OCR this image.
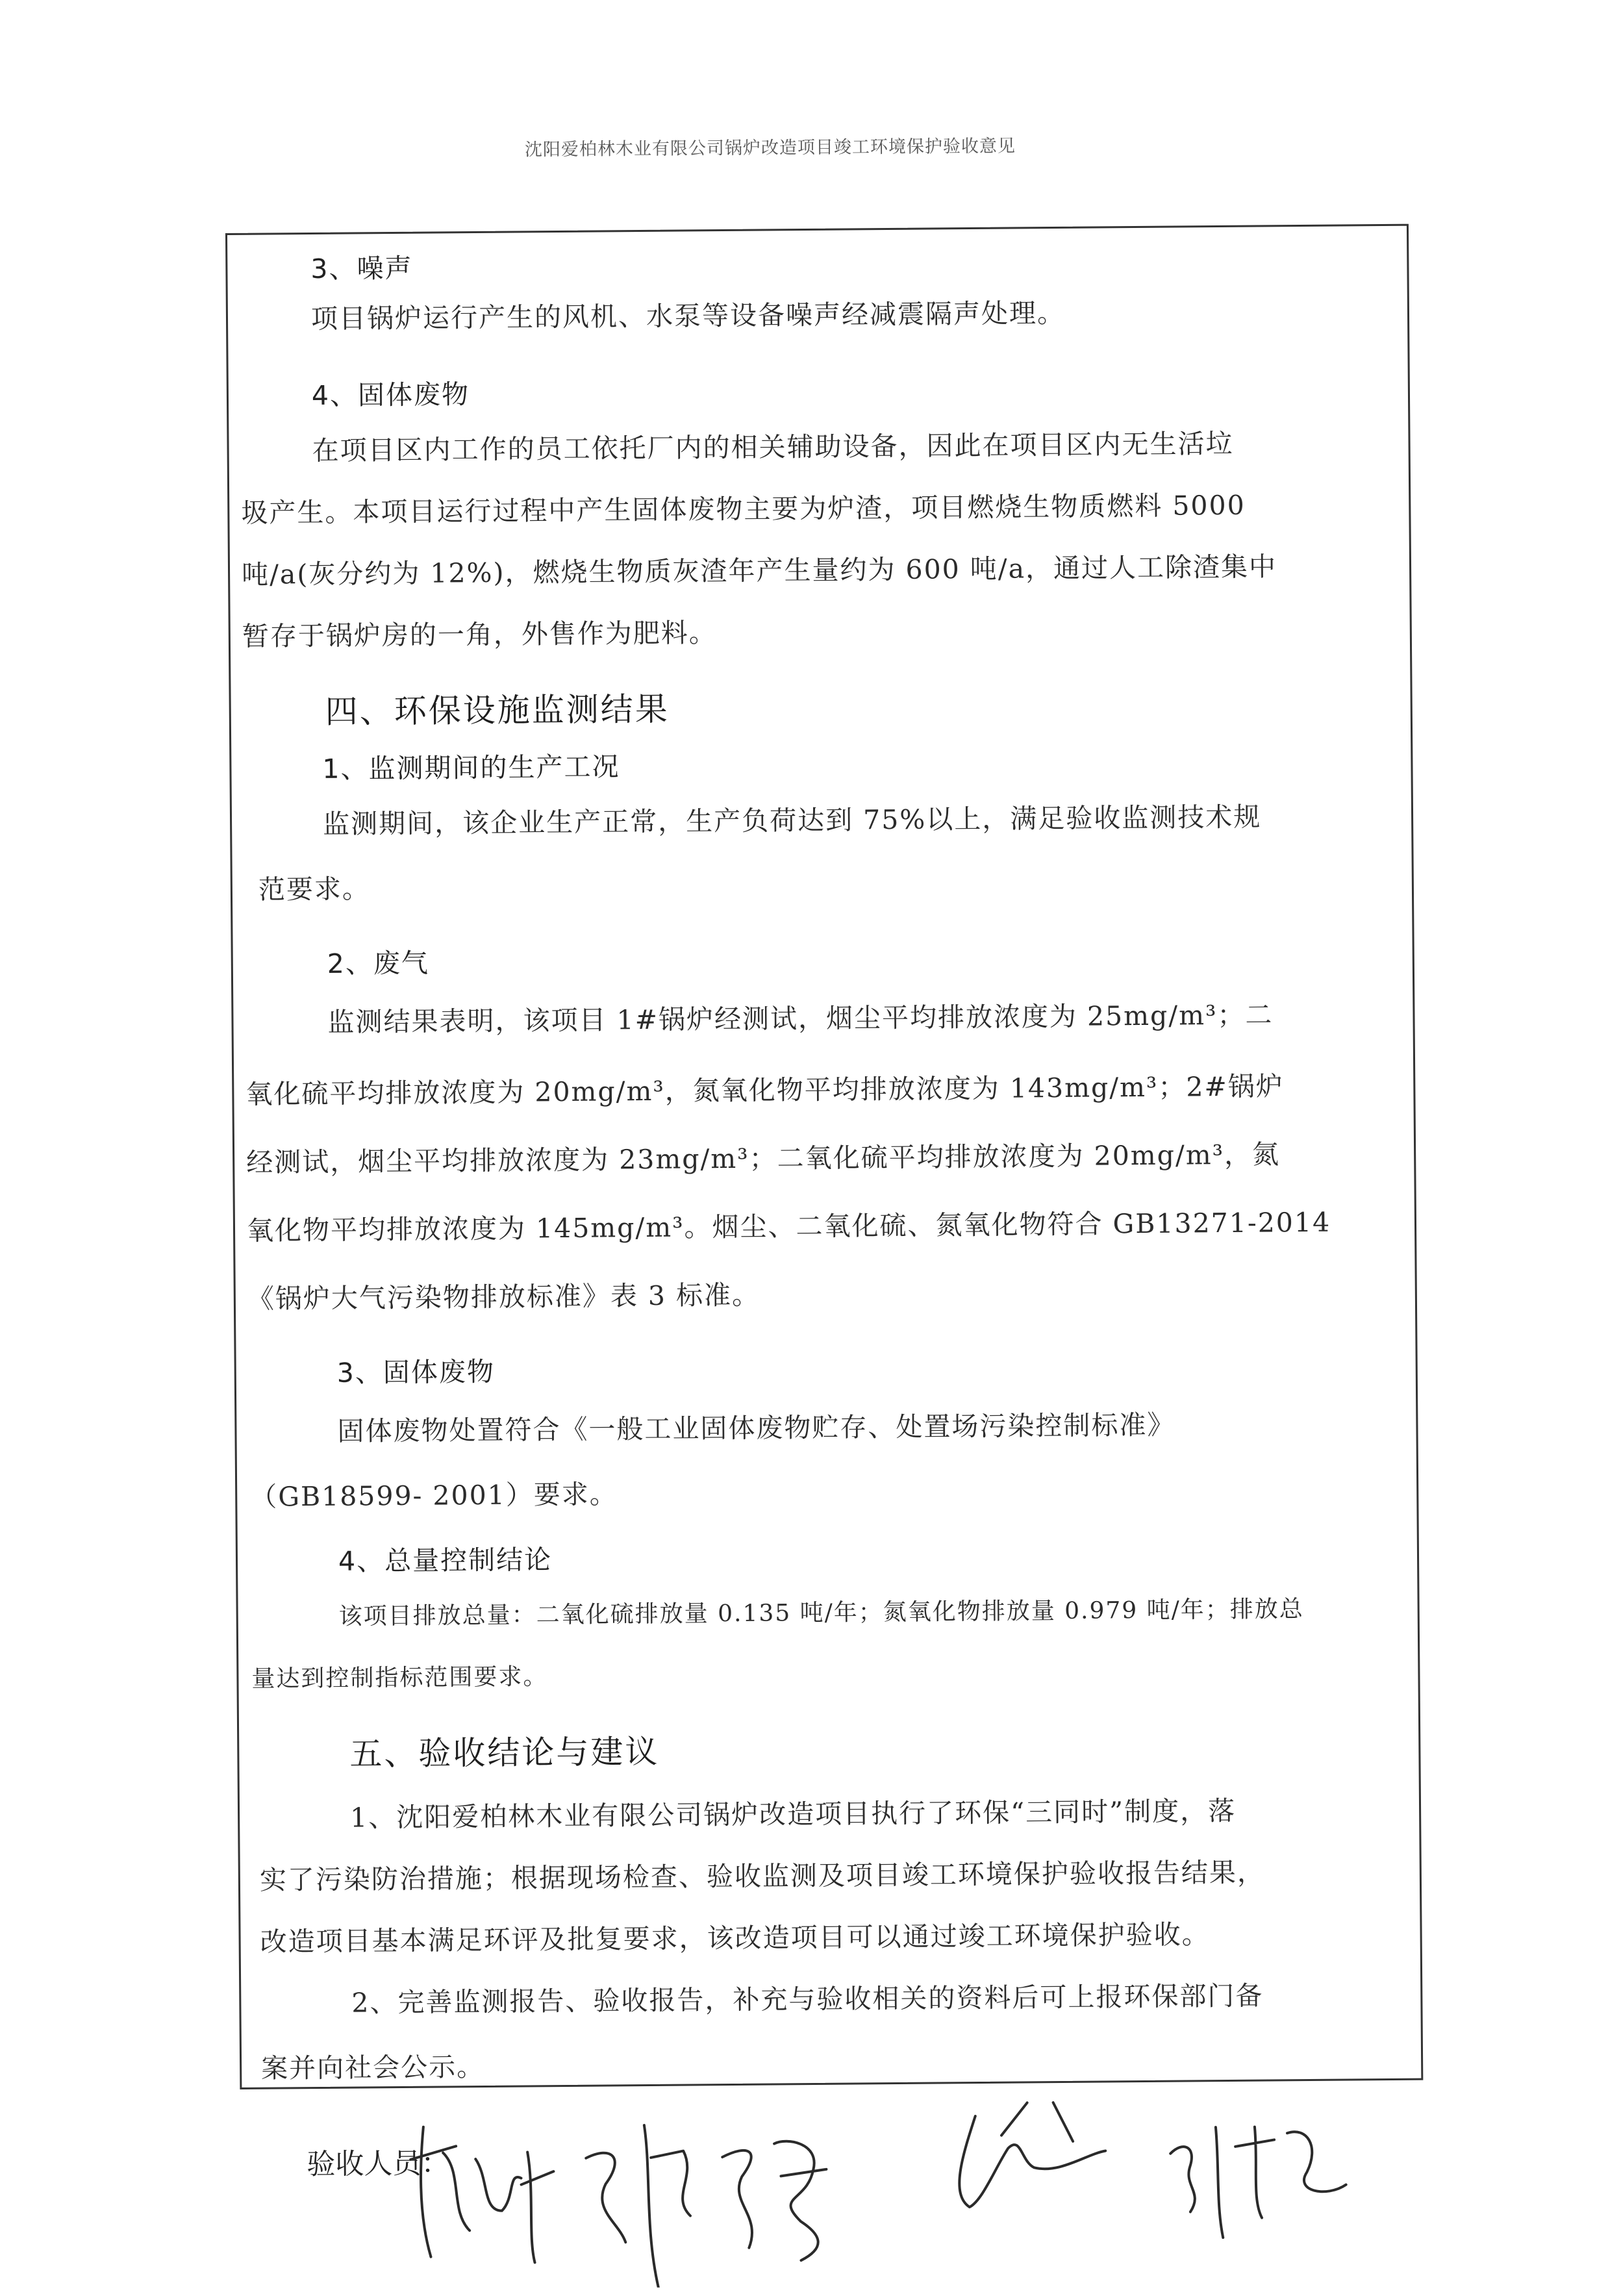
沈阳爱柏林木业有限公司锅炉改造项目竣工环境保护验收意见
3、噪声
项目锅炉运行产生的风机、水泵等设备噪声经减震隔声处理。
4、固体废物
在项目区内工作的员工依托厂内的相关辅助设备，因此在项目区内无生活垃
圾产生。本项目运行过程中产生固体废物主要为炉渣，项目燃烧生物质燃料 5000
吨/a(灰分约为 12%)，燃烧生物质灰渣年产生量约为 600 吨/a，通过人工除渣集中
暂存于锅炉房的一角，外售作为肥料。
四、环保设施监测结果
1、监测期间的生产工况
监测期间，该企业生产正常，生产负荷达到 75%以上，满足验收监测技术规
范要求。
2、废气
监测结果表明，该项目 1#锅炉经测试，烟尘平均排放浓度为 25mg/m³；二
氧化硫平均排放浓度为 20mg/m³，氮氧化物平均排放浓度为 143mg/m³；2#锅炉
经测试，烟尘平均排放浓度为 23mg/m³；二氧化硫平均排放浓度为 20mg/m³，氮
氧化物平均排放浓度为 145mg/m³。烟尘、二氧化硫、氮氧化物符合 GB13271-2014
《锅炉大气污染物排放标准》表 3 标准。
3、固体废物
固体废物处置符合《一般工业固体废物贮存、处置场污染控制标准》
（GB18599- 2001）要求。
4、总量控制结论
该项目排放总量：二氧化硫排放量 0.135 吨/年；氮氧化物排放量 0.979 吨/年；排放总
量达到控制指标范围要求。
五、验收结论与建议
1、沈阳爱柏林木业有限公司锅炉改造项目执行了环保“三同时”制度，落
实了污染防治措施；根据现场检查、验收监测及项目竣工环境保护验收报告结果，
改造项目基本满足环评及批复要求，该改造项目可以通过竣工环境保护验收。
2、完善监测报告、验收报告，补充与验收相关的资料后可上报环保部门备
案并向社会公示。
验收人员：
